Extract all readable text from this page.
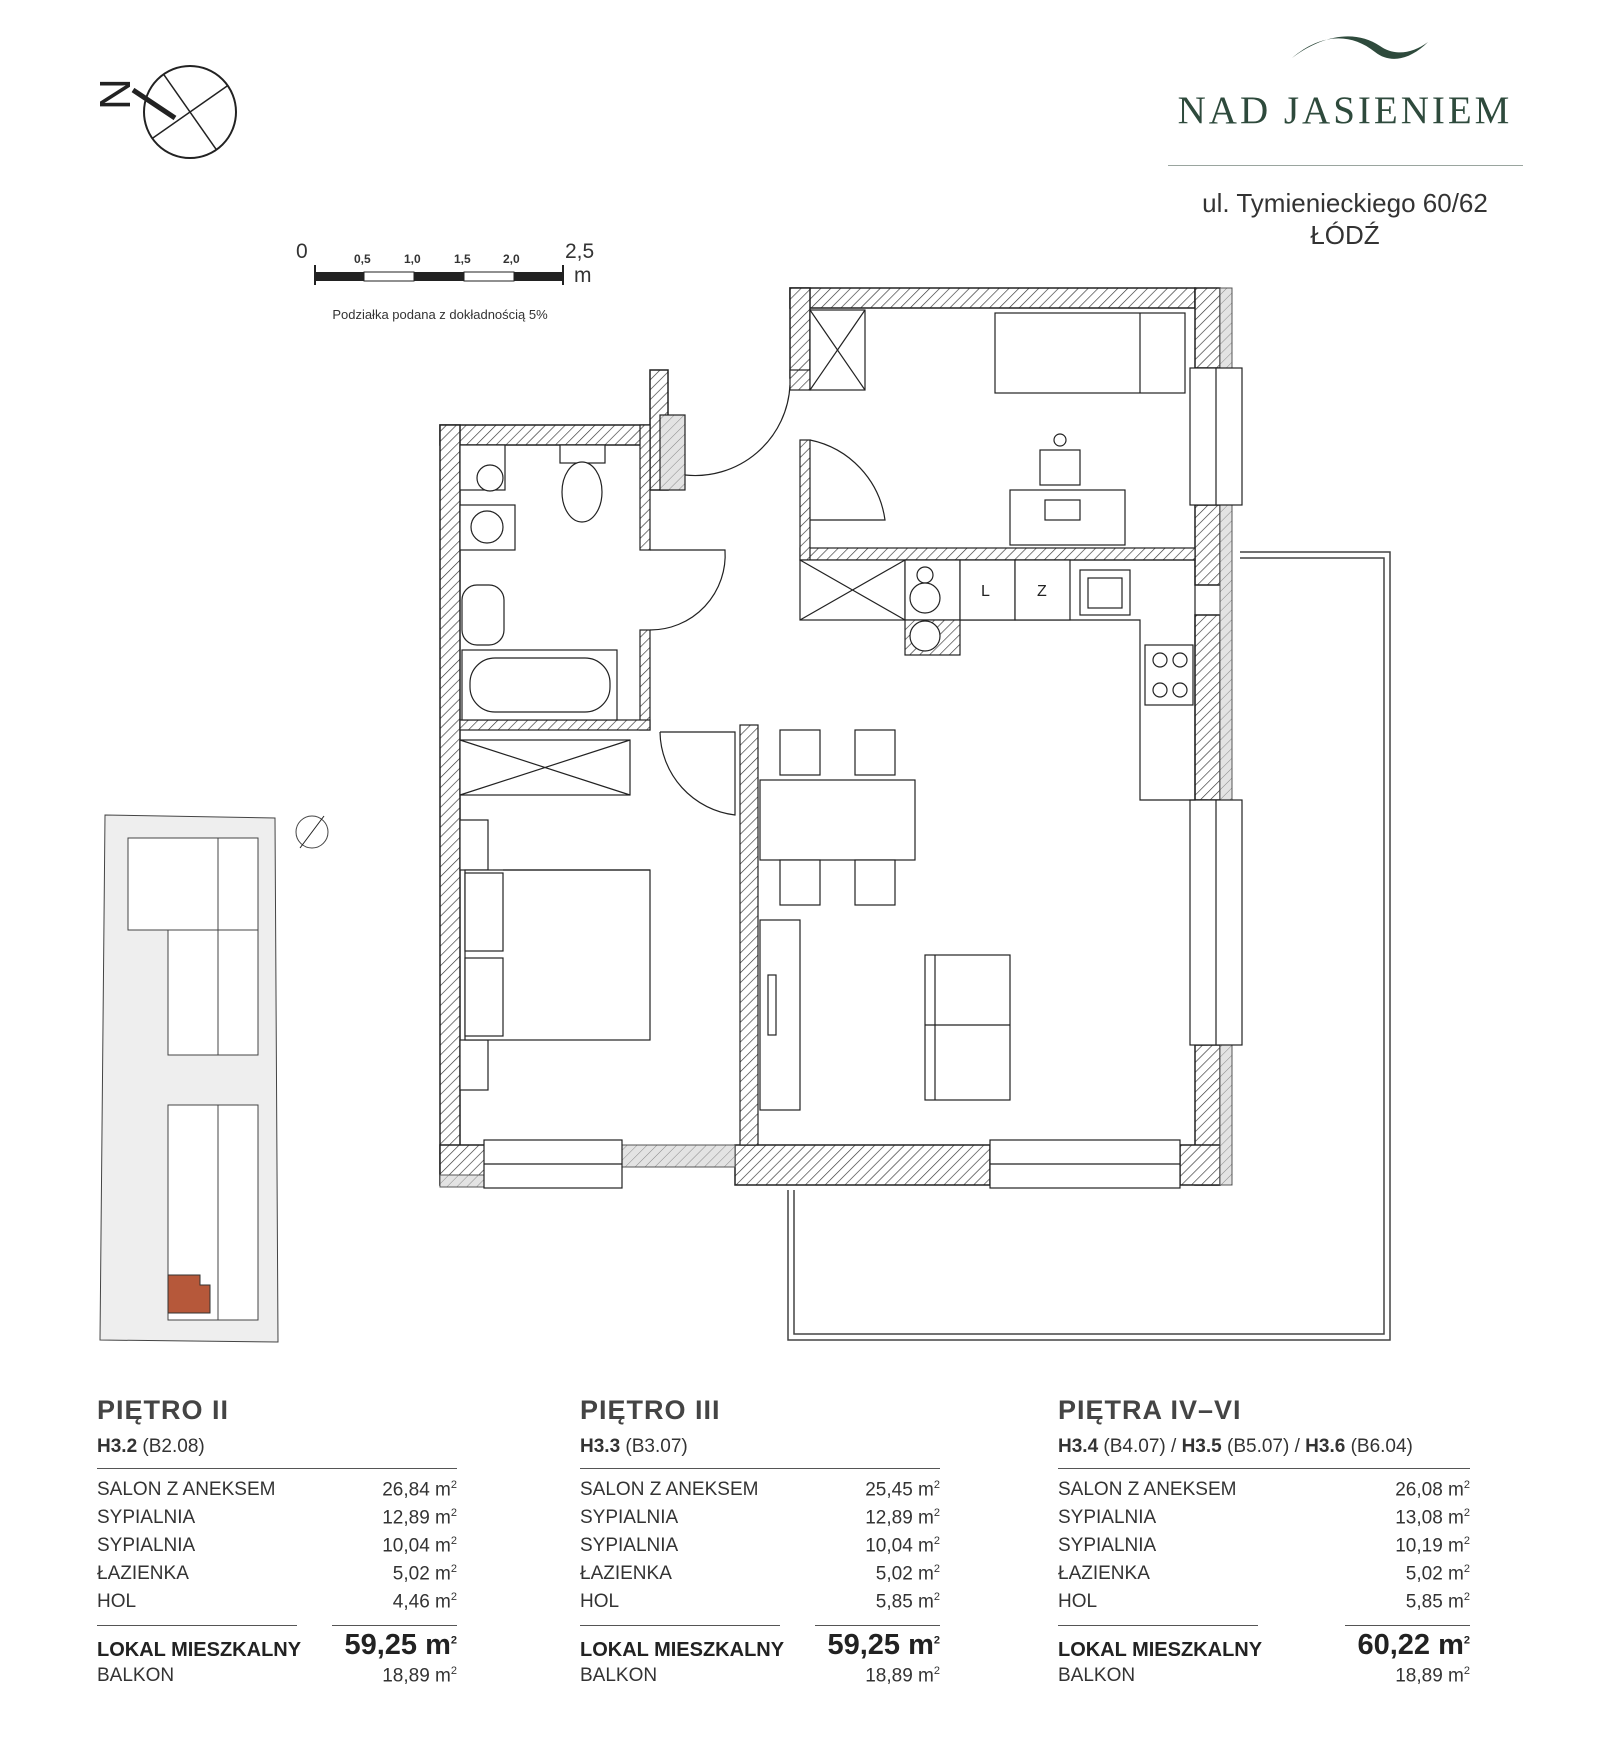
NAD JASIENIEM
ul. Tymienieckiego 60/62
ŁÓDŹ
N
0	0,5	1,0	1,5	2,0 2,5
m
Podziałka podana z dokładnością 5%
L	Z
PIĘTRO II
H3.2 (B2.08)
SALON Z ANEKSEM	26,84 $m^2$
SYPIALNIA	12,89 $m^2$
SYPIALNIA	10,04 $m^2$
ŁAZIENKA	5,02 $m^2$
HOL	4,46 $m^2$
LOKAL MIESZKALNY 59,25 $m^2$
BALKON	18,89 $m^2$
PIĘTRO III
H3.3 (B3.07)
SALON Z ANEKSEM	25,45 $m^2$
SYPIALNIA	12,89 $m^2$
SYPIALNIA	10,04 $m^2$
ŁAZIENKA	5,02 $m^2$
HOL	5,85 $m^2$
LOKAL MIESZKALNY 59,25 $m^2$
BALKON	18,89 $m^2$
PIĘTRA IV–VI
H3.4 (B4.07) / H3.5 (B5.07) / H3.6 (B6.04)
SALON Z ANEKSEM	26,08 $m^2$
SYPIALNIA	13,08 $m^2$
SYPIALNIA	10,19 $m^2$
ŁAZIENKA	5,02 $m^2$
HOL	5,85 $m^2$
LOKAL MIESZKALNY	60,22 $m^2$
BALKON	18,89 $m^2$
